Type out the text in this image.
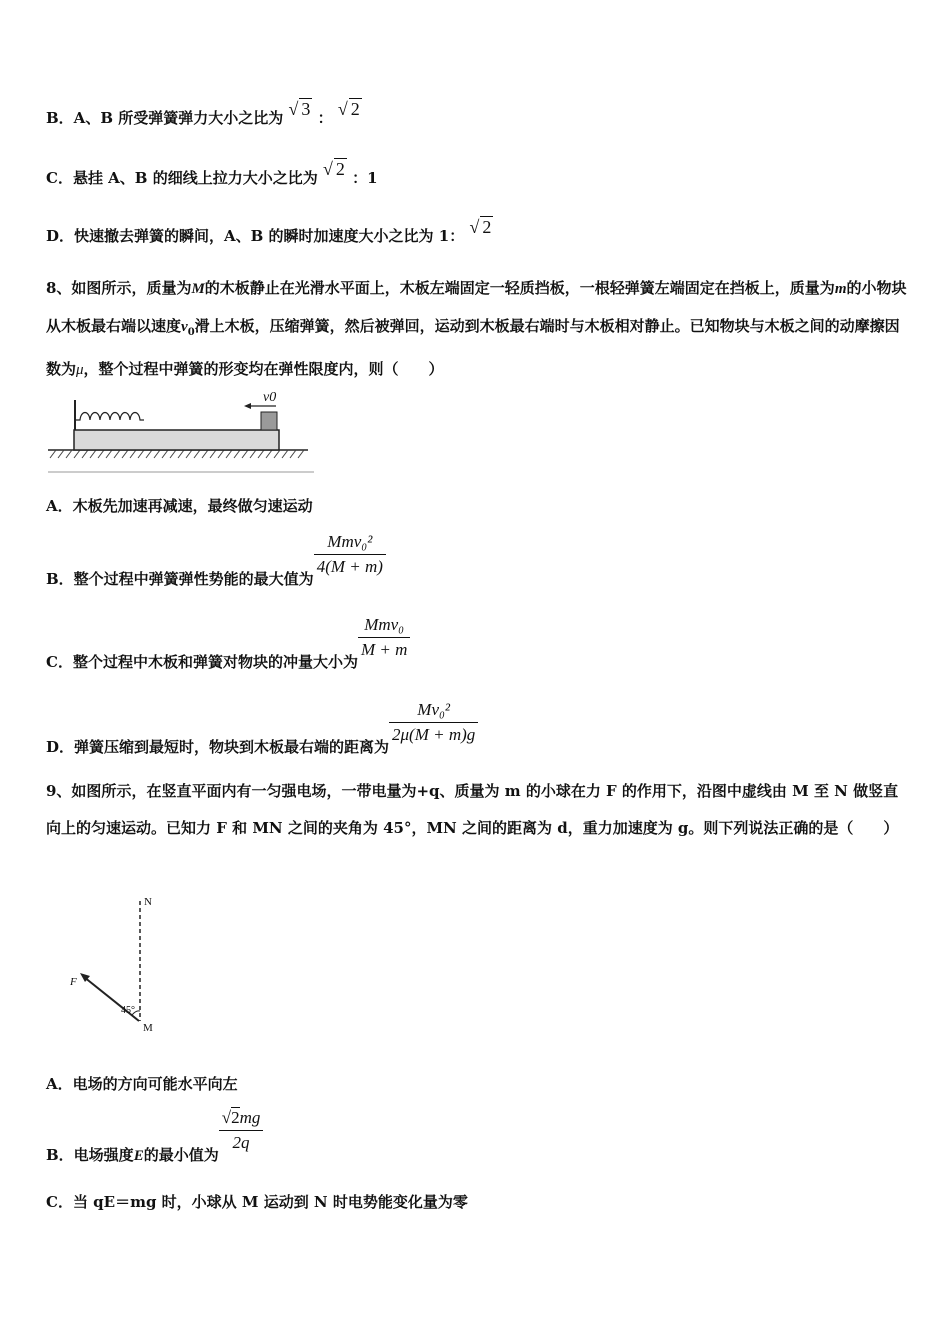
B．A、B 所受弹簧弹力大小之比为 √ 3 ： √ 2
C．悬挂 A、B 的细线上拉力大小之比为 √ 2 ：1
D．快速撤去弹簧的瞬间，A、B 的瞬时加速度大小之比为 1： √ 2
8、如图所示，质量为M的木板静止在光滑水平面上，木板左端固定一轻质挡板，一根轻弹簧左端固定在挡板上，质量为m的小物块从木板最右端以速度$v_0$滑上木板，压缩弹簧，然后被弹回，运动到木板最右端时与木板相对静止。已知物块与木板之间的动摩擦因数为μ，整个过程中弹簧的形变均在弹性限度内，则（　　）
v0
A．木板先加速再减速，最终做匀速运动
B．整个过程中弹簧弹性势能的最大值为
$\frac{\text{Mmv₀²}}{4(M + m)}$
C．整个过程中木板和弹簧对物块的冲量大小为
$\frac{\text{Mmv₀}}{M + m}$
D．弹簧压缩到最短时，物块到木板最右端的距离为
$\frac{\text{Mv₀²}}{2\mu(M + m)g}$
9、如图所示，在竖直平面内有一匀强电场，一带电量为+q、质量为 m 的小球在力 F 的作用下，沿图中虚线由 M 至 N 做竖直向上的匀速运动。已知力 F 和 MN 之间的夹角为 45°，MN 之间的距离为 d，重力加速度为 g。则下列说法正确的是（　　）
N
F
45°
M
A．电场的方向可能水平向左
B．电场强度E的最小值为
$\frac{√2mg}{2q}$
C．当 qE＝mg 时，小球从 M 运动到 N 时电势能变化量为零
